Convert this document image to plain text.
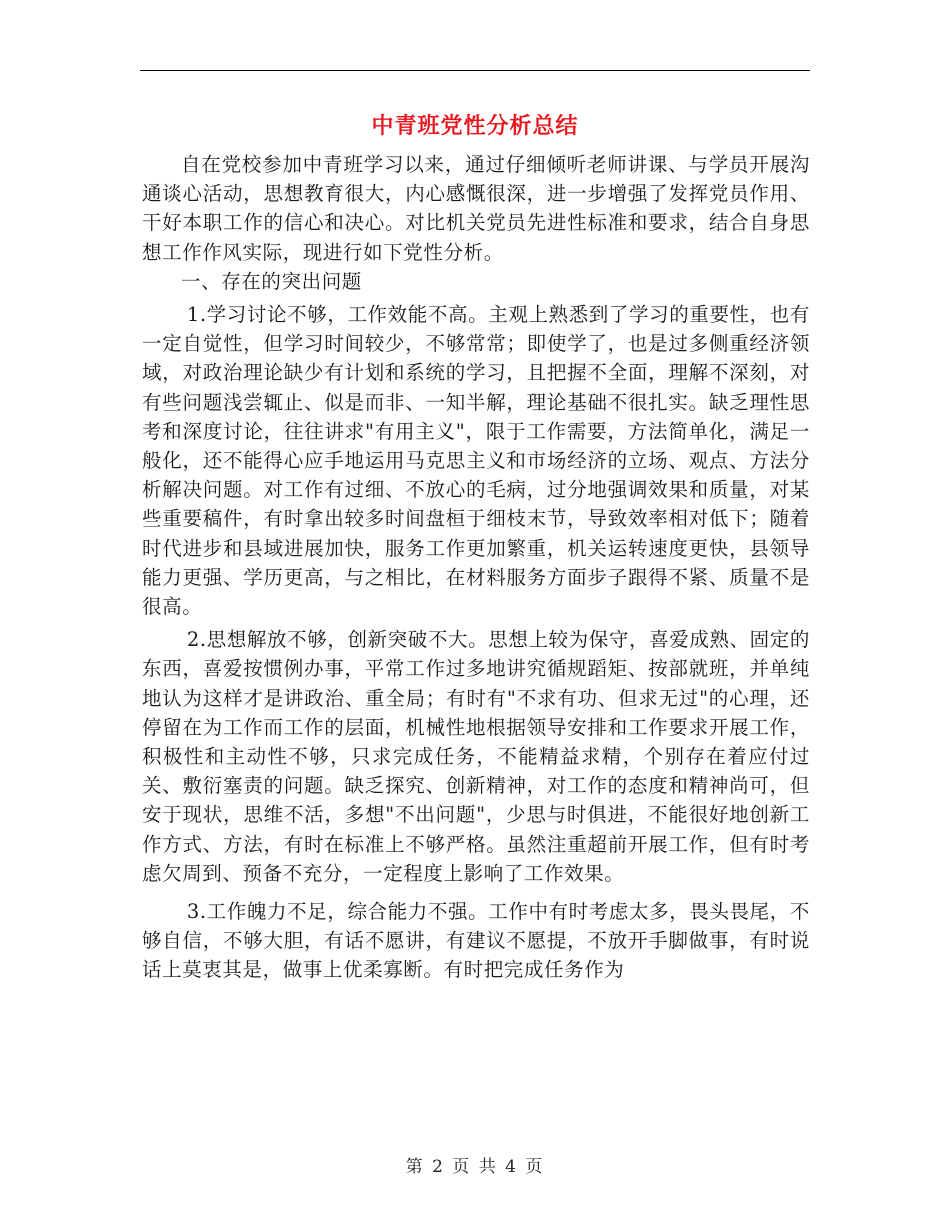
中青班党性分析总结

自在党校参加中青班学习以来，通过仔细倾听老师讲课、与学员开展沟通谈心活动，思想教育很大，内心感慨很深，进一步增强了发挥党员作用、干好本职工作的信心和决心。对比机关党员先进性标准和要求，结合自身思想工作作风实际，现进行如下党性分析。

一、存在的突出问题

1.学习讨论不够，工作效能不高。主观上熟悉到了学习的重要性，也有一定自觉性，但学习时间较少，不够常常；即使学了，也是过多侧重经济领域，对政治理论缺少有计划和系统的学习，且把握不全面，理解不深刻，对有些问题浅尝辄止、似是而非、一知半解，理论基础不很扎实。缺乏理性思考和深度讨论，往往讲求"有用主义"，限于工作需要，方法简单化，满足一般化，还不能得心应手地运用马克思主义和市场经济的立场、观点、方法分析解决问题。对工作有过细、不放心的毛病，过分地强调效果和质量，对某些重要稿件，有时拿出较多时间盘桓于细枝末节，导致效率相对低下；随着时代进步和县域进展加快，服务工作更加繁重，机关运转速度更快，县领导能力更强、学历更高，与之相比，在材料服务方面步子跟得不紧、质量不是很高。

2.思想解放不够，创新突破不大。思想上较为保守，喜爱成熟、固定的东西，喜爱按惯例办事，平常工作过多地讲究循规蹈矩、按部就班，并单纯地认为这样才是讲政治、重全局；有时有"不求有功、但求无过"的心理，还停留在为工作而工作的层面，机械性地根据领导安排和工作要求开展工作，积极性和主动性不够，只求完成任务，不能精益求精，个别存在着应付过关、敷衍塞责的问题。缺乏探究、创新精神，对工作的态度和精神尚可，但安于现状，思维不活，多想"不出问题"，少思与时俱进，不能很好地创新工作方式、方法，有时在标准上不够严格。虽然注重超前开展工作，但有时考虑欠周到、预备不充分，一定程度上影响了工作效果。

3.工作魄力不足，综合能力不强。工作中有时考虑太多，畏头畏尾，不够自信，不够大胆，有话不愿讲，有建议不愿提，不放开手脚做事，有时说话上莫衷其是，做事上优柔寡断。有时把完成任务作为

第 2 页 共 4 页
